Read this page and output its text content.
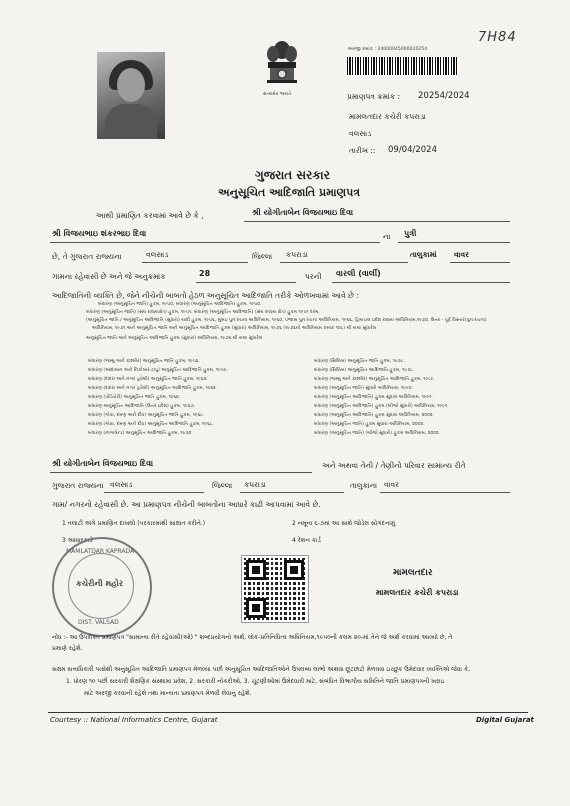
7H84
સત્યમેવ જયતે
અરજી ક્રમાંક : 24000045000020254
પ્રમાણપત્ર ક્રમાંક : 20254/2024
મામલતદાર કચેરી કપરાડા
વલસાડ
તારીખ :: 09/04/2024
ગુજરાત સરકાર
અનુસૂચિત આદિજાતિ પ્રમાણપત્ર
આથી પ્રમાણિત કરવામાં આવે છે કે ,	શ્રી યોગીતાબેન વિજયભાઇ દિવા
શ્રી વિજયભાઇ શંકરભાઇ દિવા	ના પુત્રી
છે, તે ગુજરાત રાજ્યના	વલસાડ	જિલ્લા કપરાડા	તાલુકામાં વાવર
ગામના રહેવાસી છે અને જે અનુક્રમાંક	28	પરની વારલી (વાર્લી)
આદિજાતિની વ્યક્તિ છે, જેને નીચેની બાબતો હેઠળ અનુસૂચિત આદિજાતિ તરીકે ઓળખવામાં આવે છે :
બંધારણ (અનુસૂચિત જાતિ) હુકમ, ૧૯૫૦, બંધારણ (અનુસૂચિત આદિજાતિ) હુકમ, ૧૯૫૦.
બંધારણ (અનુસૂચિત જાતિ) (સંઘ રાજ્યક્ષેત્ર) હુકમ, ૧૯૫૧. બંધારણ (અનુસૂચિત આદિજાતિ) (સંઘ રાજ્ય ક્ષેત્ર) હુકમ ૧૯૫૧ દરમ્.
(અનુસૂચિત જાતિ / અનુસૂચિત આદિજાતિ (સુધારા) યાદી હુકમ, ૧૯૫૬, મુંબઇ પુનઃરચના અધિનિયમ, ૧૯૬૦, પંજાબ પુનઃરચના અધિનિયમ, ૧૯૬૬, હિમાચલ પ્રદેશ રાજ્ય અધિનિયમ,૧૯૭૦, ઉત્તર - પૂર્વ વિસ્તાર(પુનઃરચના)
અધિનિયમ, ૧૯૭૧ અને અનુસૂચિત જાતિ અને અનુસૂચિત આદિજાતિ હુકમ (સુધારા) અધિનિયમ, ૧૯૭૬ (૧૯૭૬નો અધિનિયમ ક્રમાંક ૧૦૮) થી યથા સુધારેલ
અનુસૂચિત જાતિ અને અનુસૂચિત આદિજાતિ હુકમ (સુધારા) અધિનિયમ, ૧૯૭૬ થી યથા સુધારેલ
બંધારણ (જમ્મુ અને કાશ્મીર) અનુસૂચિત જાતિ હુકમ, ૧૯૫૬.
બંધારણ (આંદામાન અને નિકોબાર ટાપુ) અનુસૂચિત આદિજાતિ હુકમ, ૧૯૫૯.
બંધારણ (દાદરા અને નગર હવેલી) અનુસૂચિત જાતિ હુકમ, ૧૯૬૨.
બંધારણ (દાદરા અને નગર હવેલી) અનુસૂચિત આદિજાતિ હુકમ, ૧૯૬૨.
બંધારણ (પોંડિચેરી) અનુસૂચિત જાતિ હુકમ, ૧૯૬૪.
બંધારણ અનુસૂચિત આદિજાતિ (ઉત્તર પ્રદેશ) હુકમ, ૧૯૬૭.
બંધારણ (ગોવા, દમણ અને દીવ) અનુસૂચિત જાતિ હુકમ, ૧૯૬૮.
બંધારણ (ગોવા, દમણ અને દીવ) અનુસૂચિત આદિજાતિ હુકમ, ૧૯૬૮.
બંધારણ (નાગાલેન્ડ) અનુસૂચિત આદિજાતિ હુકમ, ૧૯૭૦.
બંધારણ (સિક્કિમ) અનુસૂચિત જાતિ હુકમ, ૧૯૭૮.
બંધારણ (સિક્કિમ) અનુસૂચિત આદિજાતિ હુકમ, ૧૯૭૮.
બંધારણ (જમ્મુ અને કાશ્મીર) અનુસૂચિત આદિજાતિ હુકમ, ૧૯૮૯.
બંધારણ (અનુસૂચિત જાતિ) સુધારો અધિનિયમ, ૧૯૯૦.
બંધારણ (અનુસૂચિત આદિજાતિ) હુકમ સુધારા અધિનિયમ, ૧૯૯૧.
બંધારણ (અનુસૂચિત આદિજાતિ) હુકમ (બીજો સુધારો) અધિનિયમ, ૧૯૯૧.
બંધારણ (અનુસૂચિત આદિજાતિ) હુકમ સુધારા અધિનિયમ, ૨૦૦૨.
બંધારણ (અનુસૂચિત જાતિ) હુકમ સુધારા અધિનિયમ, ૨૦૦૨.
બંધારણ (અનુસૂચિત જાતિ) (બીજો સુધારો) હુકમ અધિનિયમ, ૨૦૦૨.
શ્રી યોગીતાબેન વિજયભાઇ દિવા	અને અથવા તેની / તેણીનો પરિવાર સામાન્ય રીતે
ગુજરાત રાજ્યના વલસાડ	જિલ્લા કપરાડા	તાલુકાના વાવર
ગામ/ નગરનો રહેવાસી છે. આ પ્રમાણપત્ર નીચેની બાબતોના આધારે કાઢી આપવામાં આવે છે.
1 તલાટી અંગે પ્રમાણિત દાખલો (પરકારમાંથી સાક્ષાત કરીને.)	2 નમૂના ૬-૭માં આ સાથે જોડેલ સોગંદનામું
3 આધારકાર્ડ	4 રેશન કાર્ડ
MAMLATDAR KAPRADA
કચેરીની મહોર
DIST. VALSAD
મામલતદાર
મામલતદાર કચેરી કપરાડા
નોંધ :- આ ઉપરોક્ત પ્રમાણપત્ર "સામાન્ય રીતે રહેવાસી(ઓ) " શબ્દપ્રયોગનો અર્થ, લોક-પ્રતિનિધિત્વ અધિનિયમ,૧૯૫૦ની કલમ ૨૦-માં તેને જે અર્થ કરવામાં આવ્યો છે, તે
પ્રમાણે રહેશે.
સક્ષમ સત્તાધિકારી પાસેથી અનુસૂચિત આદિજાતિ પ્રમાણપત્ર મેળવ્યા પછી અનુસૂચિત આદિજાતિઓને ઉપલબ્ધ લાભો અથવા છૂટછાટો મેળવવા ઇચ્છુક ઉમેદવાર વ્યક્તિએ જેવા કે,
1. ધોરણ ૧૦ પછી સરકારી શૈક્ષણિક સંસ્થામાં પ્રવેશ, 2. સરકારી નોકરીઓ, 3. ચૂંટણીઓમાં ઉમેદવારી માટે, સંબંધિત વિભાગીય સમિતિને જાતિ પ્રમાણપત્રની ખરાઇ
માટે અરજી કરવાની રહેશે તથા માન્યતા પ્રમાણપત્ર મેળવી લેવાનું રહેશે.
Courtesy :: National Informatics Centre, Gujarat	Digital Gujarat
